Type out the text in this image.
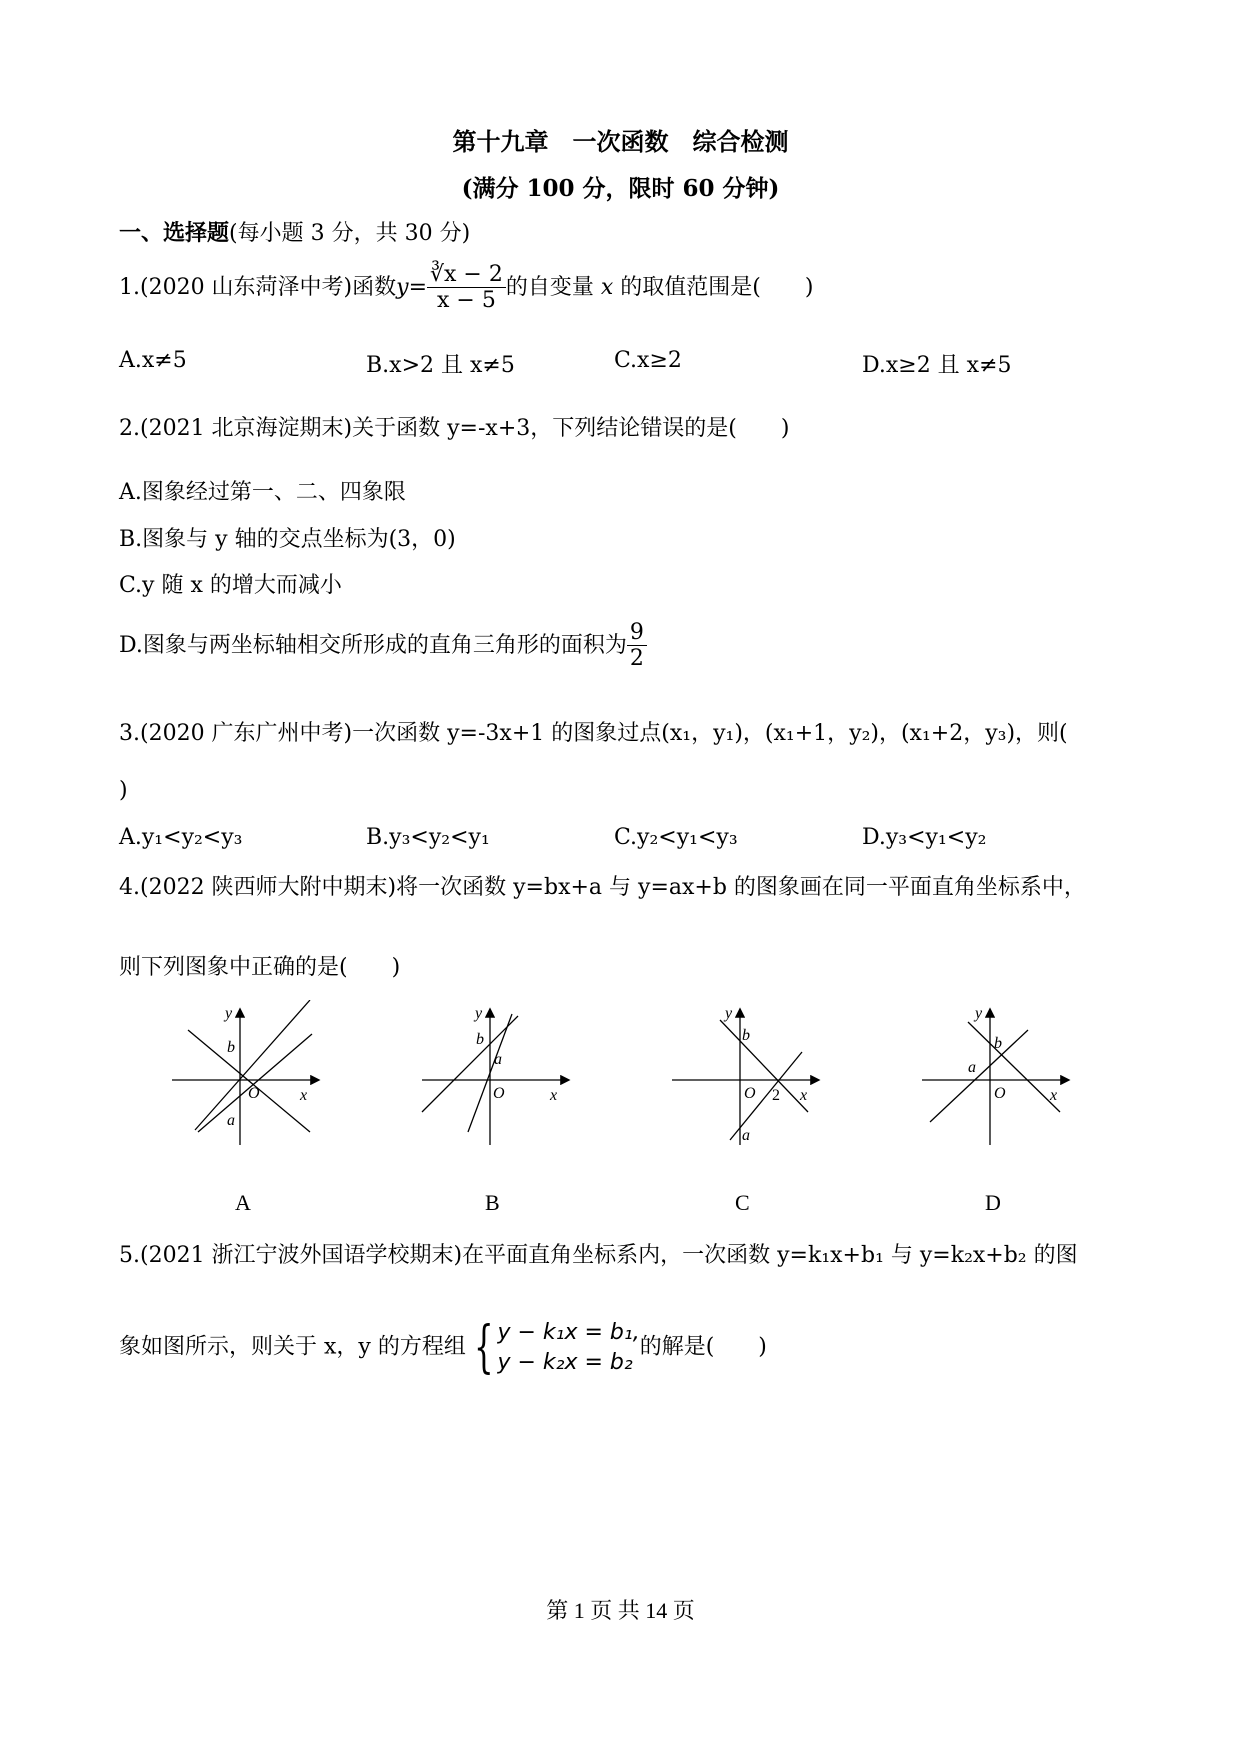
第十九章　一次函数　综合检测
(满分 100 分，限时 60 分钟)
一、选择题(每小题 3 分，共 30 分)
1.(2020 山东菏泽中考)函数$y= \frac{∛x - 2}{x - 5}$ 的自变量 x 的取值范围是(　　)
A.x≠5	B.x>2 且 x≠5	C.x≥2	D.x≥2 且 x≠5
2.(2021 北京海淀期末)关于函数 y=-x+3，下列结论错误的是(　　)
A.图象经过第一、二、四象限
B.图象与 y 轴的交点坐标为(3，0)
C.y 随 x 的增大而减小
D.图象与两坐标轴相交所形成的直角三角形的面积为 $\frac{9}{2}$
3.(2020 广东广州中考)一次函数 y=-3x+1 的图象过点(x₁，y₁)，(x₁+1，y₂)，(x₁+2，y₃)，则(
)
A.y₁<y₂<y₃	B.y₃<y₂<y₁	C.y₂<y₁<y₃	D.y₃<y₁<y₂
4.(2022 陕西师大附中期末)将一次函数 y=bx+a 与 y=ax+b 的图象画在同一平面直角坐标系中，
则下列图象中正确的是(　　)
y
x
O
b
a
y
x
O
b
a
y
x
O
b
a
2
y
x
O
b
a
A	B	C	D
5.(2021 浙江宁波外国语学校期末)在平面直角坐标系内，一次函数 y=k₁x+b₁ 与 y=k₂x+b₂ 的图
象如图所示，则关于 x，y 的方程组 { y − k₁x = b₁,
y − k₂x = b₂
的解是(　　)
第 1 页 共 14 页
